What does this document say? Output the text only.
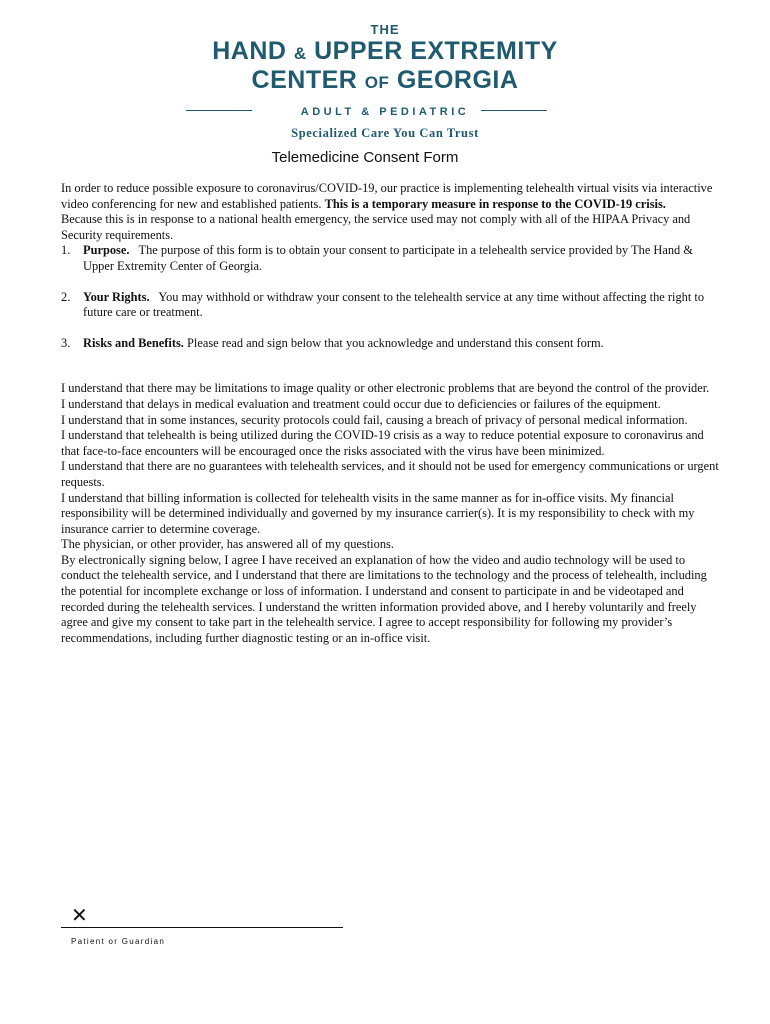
THE
HAND & UPPER EXTREMITY
CENTER OF GEORGIA
ADULT & PEDIATRIC
Specialized Care You Can Trust
Telemedicine Consent Form

In order to reduce possible exposure to coronavirus/COVID-19, our practice is implementing telehealth virtual visits via interactive video conferencing for new and established patients. This is a temporary measure in response to the COVID-19 crisis.

Because this is in response to a national health emergency, the service used may not comply with all of the HIPAA Privacy and Security requirements.

1. Purpose. The purpose of this form is to obtain your consent to participate in a telehealth service provided by The Hand & Upper Extremity Center of Georgia.
2. Your Rights. You may withhold or withdraw your consent to the telehealth service at any time without affecting the right to future care or treatment.
3. Risks and Benefits. Please read and sign below that you acknowledge and understand this consent form.

I understand that there may be limitations to image quality or other electronic problems that are beyond the control of the provider.

I understand that delays in medical evaluation and treatment could occur due to deficiencies or failures of the equipment.

I understand that in some instances, security protocols could fail, causing a breach of privacy of personal medical information.

I understand that telehealth is being utilized during the COVID-19 crisis as a way to reduce potential exposure to coronavirus and that face-to-face encounters will be encouraged once the risks associated with the virus have been minimized.

I understand that there are no guarantees with telehealth services, and it should not be used for emergency communications or urgent requests.

I understand that billing information is collected for telehealth visits in the same manner as for in-office visits. My financial responsibility will be determined individually and governed by my insurance carrier(s). It is my responsibility to check with my insurance carrier to determine coverage.

The physician, or other provider, has answered all of my questions.

By electronically signing below, I agree I have received an explanation of how the video and audio technology will be used to conduct the telehealth service, and I understand that there are limitations to the technology and the process of telehealth, including the potential for incomplete exchange or loss of information. I understand and consent to participate in and be videotaped and recorded during the telehealth services. I understand the written information provided above, and I hereby voluntarily and freely agree and give my consent to take part in the telehealth service. I agree to accept responsibility for following my provider’s recommendations, including further diagnostic testing or an in-office visit.

✕
Patient or Guardian
